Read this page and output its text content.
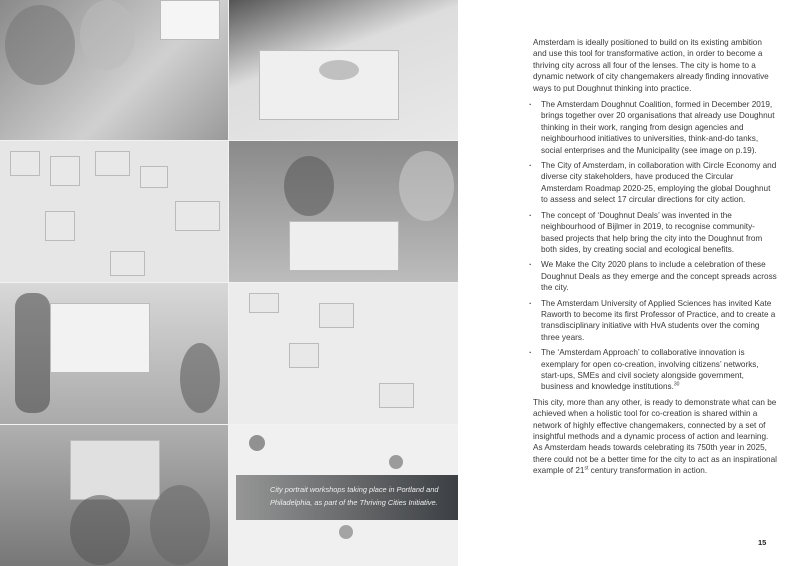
City portrait workshops taking place in Portland and Philadelphia, as part of the Thriving Cities Initiative.

Amsterdam is ideally positioned to build on its existing ambition and use this tool for transformative action, in order to become a thriving city across all four of the lenses. The city is home to a dynamic network of city changemakers already finding innovative ways to put Doughnut thinking into practice.

· The Amsterdam Doughnut Coalition, formed in December 2019, brings together over 20 organisations that already use Doughnut thinking in their work, ranging from design agencies and neighbourhood initiatives to universities, think-and-do tanks, social enterprises and the Municipality (see image on p.19).
· The City of Amsterdam, in collaboration with Circle Economy and diverse city stakeholders, have produced the Circular Amsterdam Roadmap 2020-25, employing the global Doughnut to assess and select 17 circular directions for city action.
· The concept of ‘Doughnut Deals’ was invented in the neighbourhood of Bijlmer in 2019, to recognise community-based projects that help bring the city into the Doughnut from both sides, by creating social and ecological benefits.
· We Make the City 2020 plans to include a celebration of these Doughnut Deals as they emerge and the concept spreads across the city.
· The Amsterdam University of Applied Sciences has invited Kate Raworth to become its first Professor of Practice, and to create a transdisciplinary initiative with HvA students over the coming three years.
· The ‘Amsterdam Approach’ to collaborative innovation is exemplary for open co-creation, involving citizens’ networks, start-ups, SMEs and civil society alongside government, business and knowledge institutions.$^{30}$

This city, more than any other, is ready to demonstrate what can be achieved when a holistic tool for co-creation is shared within a network of highly effective changemakers, connected by a set of insightful methods and a dynamic process of action and learning. As Amsterdam heads towards celebrating its 750th year in 2025, there could not be a better time for the city to act as an inspirational example of 21st century transformation in action.

15
